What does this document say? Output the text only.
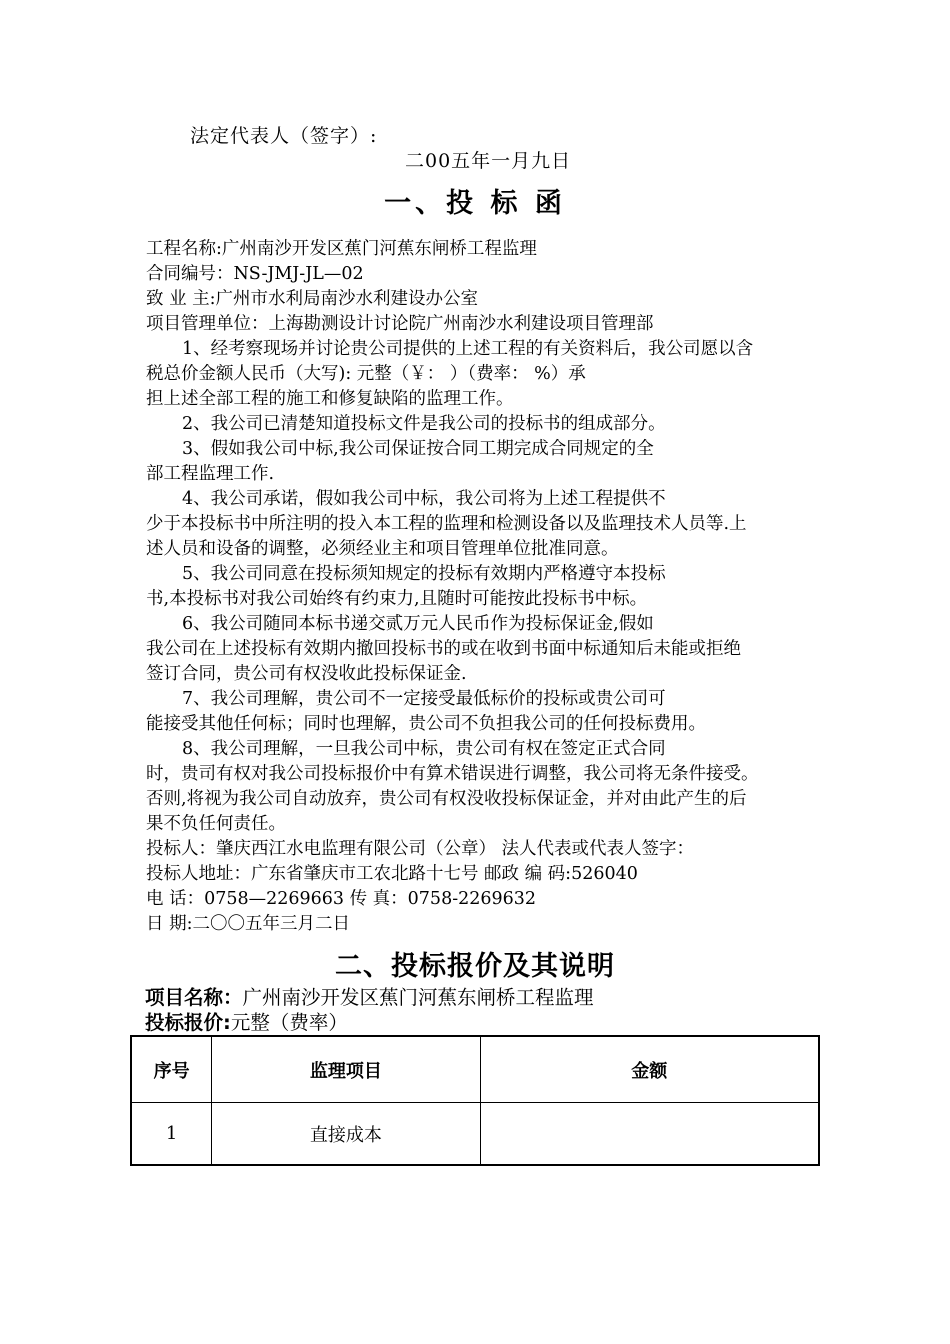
法定代表人（签字）:
二00五年一月九日
一、投 标 函
工程名称:广州南沙开发区蕉门河蕉东闸桥工程监理
合同编号：NS-JMJ-JL—02
致 业 主:广州市水利局南沙水利建设办公室
项目管理单位：上海勘测设计讨论院广州南沙水利建设项目管理部
1、经考察现场并讨论贵公司提供的上述工程的有关资料后，我公司愿以含
税总价金额人民币（大写): 元整（￥： ）（费率： %）承
担上述全部工程的施工和修复缺陷的监理工作。
2、我公司已清楚知道投标文件是我公司的投标书的组成部分。
3、假如我公司中标,我公司保证按合同工期完成合同规定的全
部工程监理工作.
4、我公司承诺，假如我公司中标，我公司将为上述工程提供不
少于本投标书中所注明的投入本工程的监理和检测设备以及监理技术人员等.上
述人员和设备的调整，必须经业主和项目管理单位批准同意。
5、我公司同意在投标须知规定的投标有效期内严格遵守本投标
书,本投标书对我公司始终有约束力,且随时可能按此投标书中标。
6、我公司随同本标书递交贰万元人民币作为投标保证金,假如
我公司在上述投标有效期内撤回投标书的或在收到书面中标通知后未能或拒绝
签订合同，贵公司有权没收此投标保证金.
7、我公司理解，贵公司不一定接受最低标价的投标或贵公司可
能接受其他任何标；同时也理解，贵公司不负担我公司的任何投标费用。
8、我公司理解，一旦我公司中标，贵公司有权在签定正式合同
时，贵司有权对我公司投标报价中有算术错误进行调整，我公司将无条件接受。
否则,将视为我公司自动放弃，贵公司有权没收投标保证金，并对由此产生的后
果不负任何责任。
投标人：肇庆西江水电监理有限公司（公章） 法人代表或代表人签字：
投标人地址：广东省肇庆市工农北路十七号 邮政 编 码:526040
电 话：0758—2269663 传 真：0758-2269632
日 期:二〇〇五年三月二日
二、投标报价及其说明
项目名称：广州南沙开发区蕉门河蕉东闸桥工程监理
投标报价:元整（费率）
序号	监理项目	金额
1	直接成本	
